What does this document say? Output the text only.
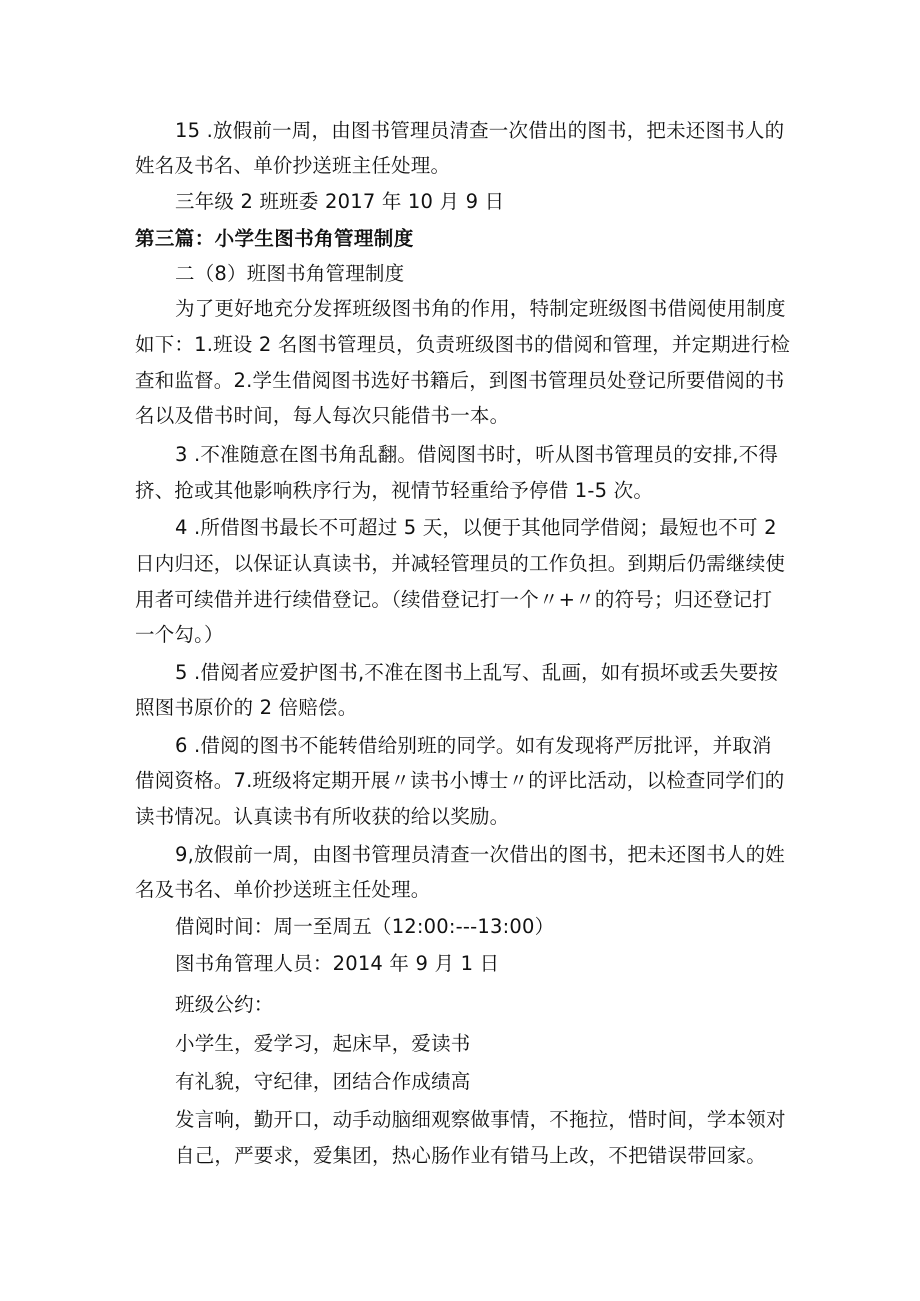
15 .放假前一周，由图书管理员清查一次借出的图书，把未还图书人的
姓名及书名、单价抄送班主任处理。
三年级 2 班班委 2017 年 10 月 9 日
第三篇：小学生图书角管理制度
二（8）班图书角管理制度
为了更好地充分发挥班级图书角的作用，特制定班级图书借阅使用制度
如下：1.班设 2 名图书管理员，负责班级图书的借阅和管理，并定期进行检
查和监督。2.学生借阅图书选好书籍后，到图书管理员处登记所要借阅的书
名以及借书时间，每人每次只能借书一本。
3 .不准随意在图书角乱翻。借阅图书时，听从图书管理员的安排,不得
挤、抢或其他影响秩序行为，视情节轻重给予停借 1-5 次。
4 .所借图书最长不可超过 5 天，以便于其他同学借阅；最短也不可 2
日内归还，以保证认真读书，并减轻管理员的工作负担。到期后仍需继续使
用者可续借并进行续借登记。（续借登记打一个〃+〃的符号；归还登记打
一个勾。）
5 .借阅者应爱护图书,不准在图书上乱写、乱画，如有损坏或丢失要按
照图书原价的 2 倍赔偿。
6 .借阅的图书不能转借给别班的同学。如有发现将严厉批评，并取消
借阅资格。7.班级将定期开展〃读书小博士〃的评比活动，以检查同学们的
读书情况。认真读书有所收获的给以奖励。
9,放假前一周，由图书管理员清查一次借出的图书，把未还图书人的姓
名及书名、单价抄送班主任处理。
借阅时间：周一至周五（12:00:---13:00）
图书角管理人员：2014 年 9 月 1 日
班级公约：
小学生，爱学习，起床早，爱读书
有礼貌，守纪律，团结合作成绩高
发言响，勤开口，动手动脑细观察做事情，不拖拉，惜时间，学本领对
自己，严要求，爱集团，热心肠作业有错马上改，不把错误带回家。
